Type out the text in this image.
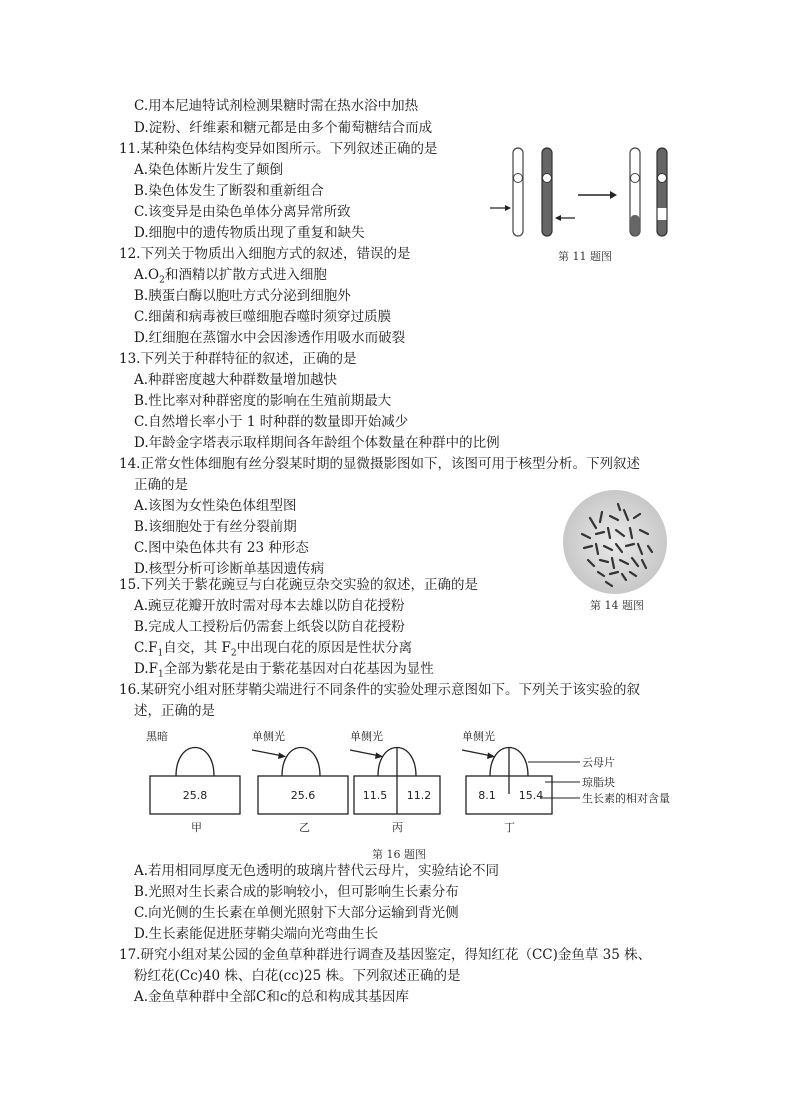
C.用本尼迪特试剂检测果糖时需在热水浴中加热
D.淀粉、纤维素和糖元都是由多个葡萄糖结合而成
11.某种染色体结构变异如图所示。下列叙述正确的是
A.染色体断片发生了颠倒
B.染色体发生了断裂和重新组合
C.该变异是由染色单体分离异常所致
D.细胞中的遗传物质出现了重复和缺失
第 11 题图
12.下列关于物质出入细胞方式的叙述，错误的是
$A.O_2$和酒精以扩散方式进入细胞
B.胰蛋白酶以胞吐方式分泌到细胞外
C.细菌和病毒被巨噬细胞吞噬时须穿过质膜
D.红细胞在蒸馏水中会因渗透作用吸水而破裂
13.下列关于种群特征的叙述，正确的是
A.种群密度越大种群数量增加越快
B.性比率对种群密度的影响在生殖前期最大
C.自然增长率小于 1 时种群的数量即开始减少
D.年龄金字塔表示取样期间各年龄组个体数量在种群中的比例
14.正常女性体细胞有丝分裂某时期的显微摄影图如下，该图可用于核型分析。下列叙述
正确的是
A.该图为女性染色体组型图
B.该细胞处于有丝分裂前期
C.图中染色体共有 23 种形态
D.核型分析可诊断单基因遗传病
第 14 题图
15.下列关于紫花豌豆与白花豌豆杂交实验的叙述，正确的是
A.豌豆花瓣开放时需对母本去雄以防自花授粉
B.完成人工授粉后仍需套上纸袋以防自花授粉
$C.F_1$自交，其 $F_2$中出现白花的原因是性状分离
$D.F_1$全部为紫花是由于紫花基因对白花基因为显性
16.某研究小组对胚芽鞘尖端进行不同条件的实验处理示意图如下。下列关于该实验的叙
述，正确的是
黑暗
25.8
甲
单侧光
25.6
乙
单侧光
11.5 11.2
丙
单侧光
8.1 15.4
丁
云母片
琼脂块
生长素的相对含量
第 16 题图
A.若用相同厚度无色透明的玻璃片替代云母片，实验结论不同
B.光照对生长素合成的影响较小，但可影响生长素分布
C.向光侧的生长素在单侧光照射下大部分运输到背光侧
D.生长素能促进胚芽鞘尖端向光弯曲生长
17.研究小组对某公园的金鱼草种群进行调查及基因鉴定，得知红花（CC)金鱼草 35 株、
粉红花(Cc)40 株、白花(cc)25 株。下列叙述正确的是
A.金鱼草种群中全部C和c的总和构成其基因库
